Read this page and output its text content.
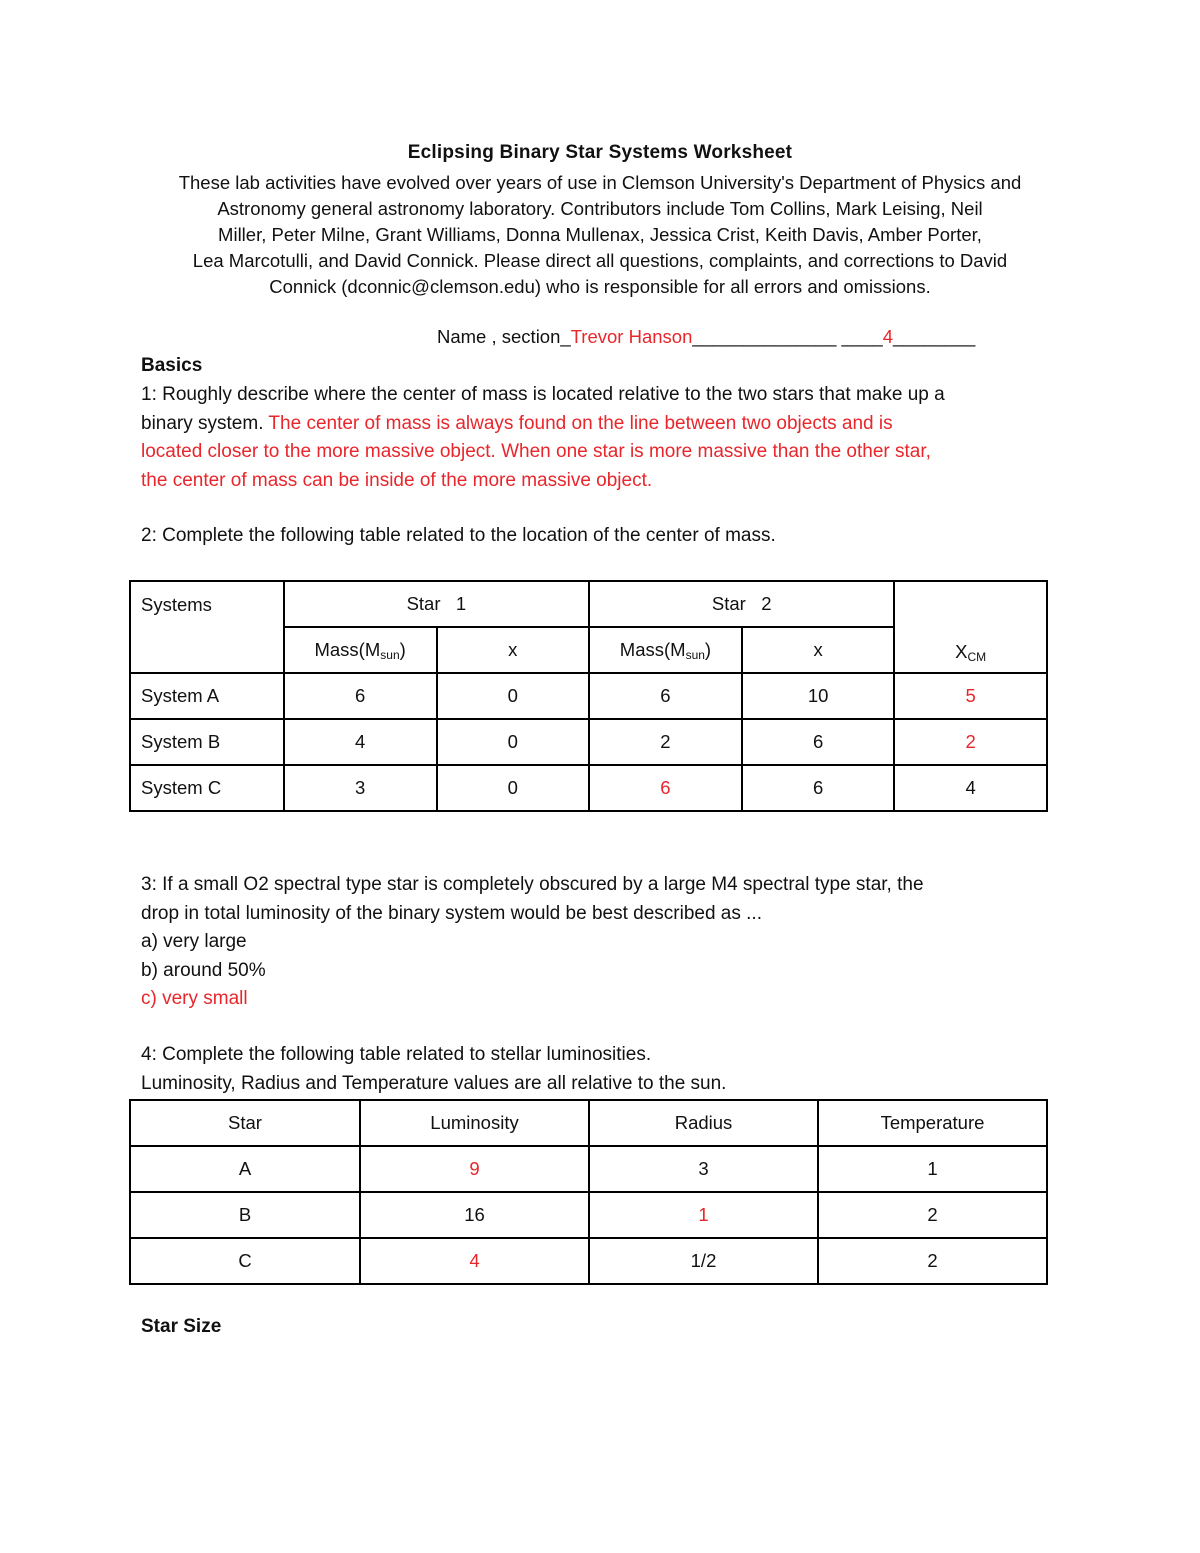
Eclipsing Binary Star Systems Worksheet
These lab activities have evolved over years of use in Clemson University's Department of Physics and
Astronomy general astronomy laboratory. Contributors include Tom Collins, Mark Leising, Neil
Miller, Peter Milne, Grant Williams, Donna Mullenax, Jessica Crist, Keith Davis, Amber Porter,
Lea Marcotulli, and David Connick. Please direct all questions, complaints, and corrections to David
Connick (dconnic@clemson.edu) who is responsible for all errors and omissions.
Name , section_Trevor Hanson______________ ____4________
Basics
1: Roughly describe where the center of mass is located relative to the two stars that make up a
binary system. The center of mass is always found on the line between two objects and is
located closer to the more massive object. When one star is more massive than the other star,
the center of mass can be inside of the more massive object.
2: Complete the following table related to the location of the center of mass.
Systems	Star   1		Star   2		$X_{CM}$
	$Mass(M_{sun})$	x	$Mass(M_{sun})$	x	
System A	6	0	6	10	5
System B	4	0	2	6	2
System C	3	0	6	6	4
3: If a small O2 spectral type star is completely obscured by a large M4 spectral type star, the
drop in total luminosity of the binary system would be best described as ...
a) very large
b) around 50%
c) very small
4: Complete the following table related to stellar luminosities.
Luminosity, Radius and Temperature values are all relative to the sun.
Star	Luminosity	Radius	Temperature
A	9	3	1
B	16	1	2
C	4	1/2	2
Star Size
